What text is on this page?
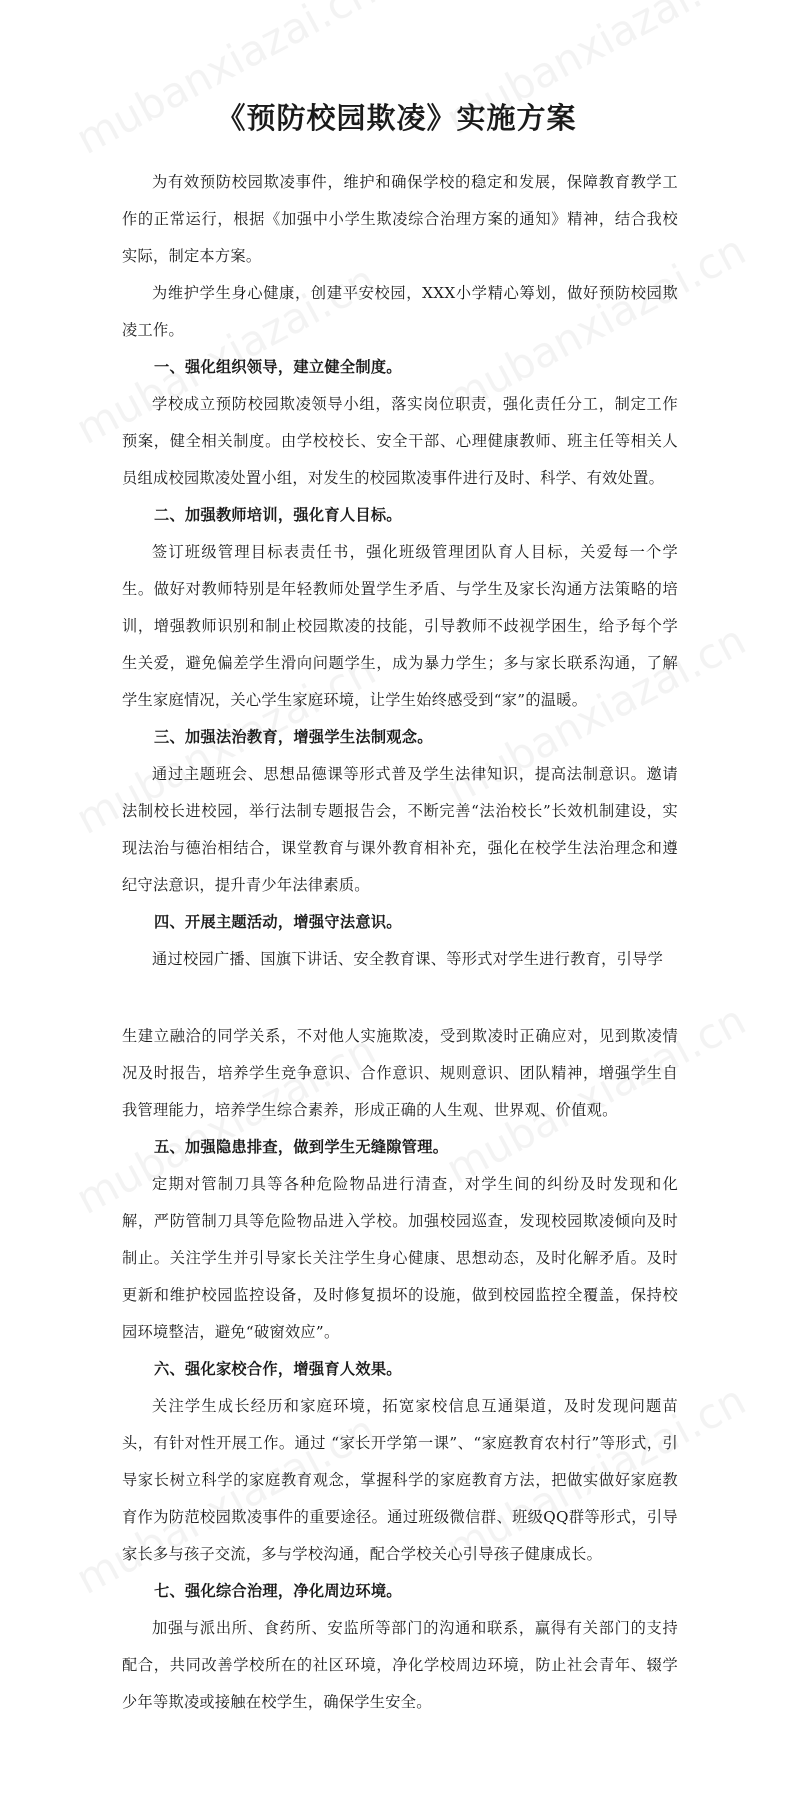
《预防校园欺凌》实施方案

为有效预防校园欺凌事件，维护和确保学校的稳定和发展，保障教育教学工作的正常运行，根据《加强中小学生欺凌综合治理方案的通知》精神，结合我校实际，制定本方案。

为维护学生身心健康，创建平安校园，XXX小学精心筹划，做好预防校园欺凌工作。

一、强化组织领导，建立健全制度。

学校成立预防校园欺凌领导小组，落实岗位职责，强化责任分工，制定工作预案，健全相关制度。由学校校长、安全干部、心理健康教师、班主任等相关人员组成校园欺凌处置小组，对发生的校园欺凌事件进行及时、科学、有效处置。

二、加强教师培训，强化育人目标。

签订班级管理目标表责任书，强化班级管理团队育人目标，关爱每一个学生。做好对教师特别是年轻教师处置学生矛盾、与学生及家长沟通方法策略的培训，增强教师识别和制止校园欺凌的技能，引导教师不歧视学困生，给予每个学生关爱，避免偏差学生滑向问题学生，成为暴力学生；多与家长联系沟通，了解学生家庭情况，关心学生家庭环境，让学生始终感受到“家”的温暖。

三、加强法治教育，增强学生法制观念。

通过主题班会、思想品德课等形式普及学生法律知识，提高法制意识。邀请法制校长进校园，举行法制专题报告会，不断完善“法治校长”长效机制建设，实现法治与德治相结合，课堂教育与课外教育相补充，强化在校学生法治理念和遵纪守法意识，提升青少年法律素质。

四、开展主题活动，增强守法意识。

通过校园广播、国旗下讲话、安全教育课、等形式对学生进行教育，引导学

生建立融洽的同学关系，不对他人实施欺凌，受到欺凌时正确应对，见到欺凌情况及时报告，培养学生竞争意识、合作意识、规则意识、团队精神，增强学生自我管理能力，培养学生综合素养，形成正确的人生观、世界观、价值观。

五、加强隐患排查，做到学生无缝隙管理。

定期对管制刀具等各种危险物品进行清查，对学生间的纠纷及时发现和化解，严防管制刀具等危险物品进入学校。加强校园巡查，发现校园欺凌倾向及时制止。关注学生并引导家长关注学生身心健康、思想动态，及时化解矛盾。及时更新和维护校园监控设备，及时修复损坏的设施，做到校园监控全覆盖，保持校园环境整洁，避免“破窗效应”。

六、强化家校合作，增强育人效果。

关注学生成长经历和家庭环境，拓宽家校信息互通渠道，及时发现问题苗头，有针对性开展工作。通过 “家长开学第一课”、“家庭教育农村行”等形式，引导家长树立科学的家庭教育观念，掌握科学的家庭教育方法，把做实做好家庭教育作为防范校园欺凌事件的重要途径。通过班级微信群、班级QQ群等形式，引导家长多与孩子交流，多与学校沟通，配合学校关心引导孩子健康成长。

七、强化综合治理，净化周边环境。

加强与派出所、食药所、安监所等部门的沟通和联系，赢得有关部门的支持配合，共同改善学校所在的社区环境，净化学校周边环境，防止社会青年、辍学少年等欺凌或接触在校学生，确保学生安全。
